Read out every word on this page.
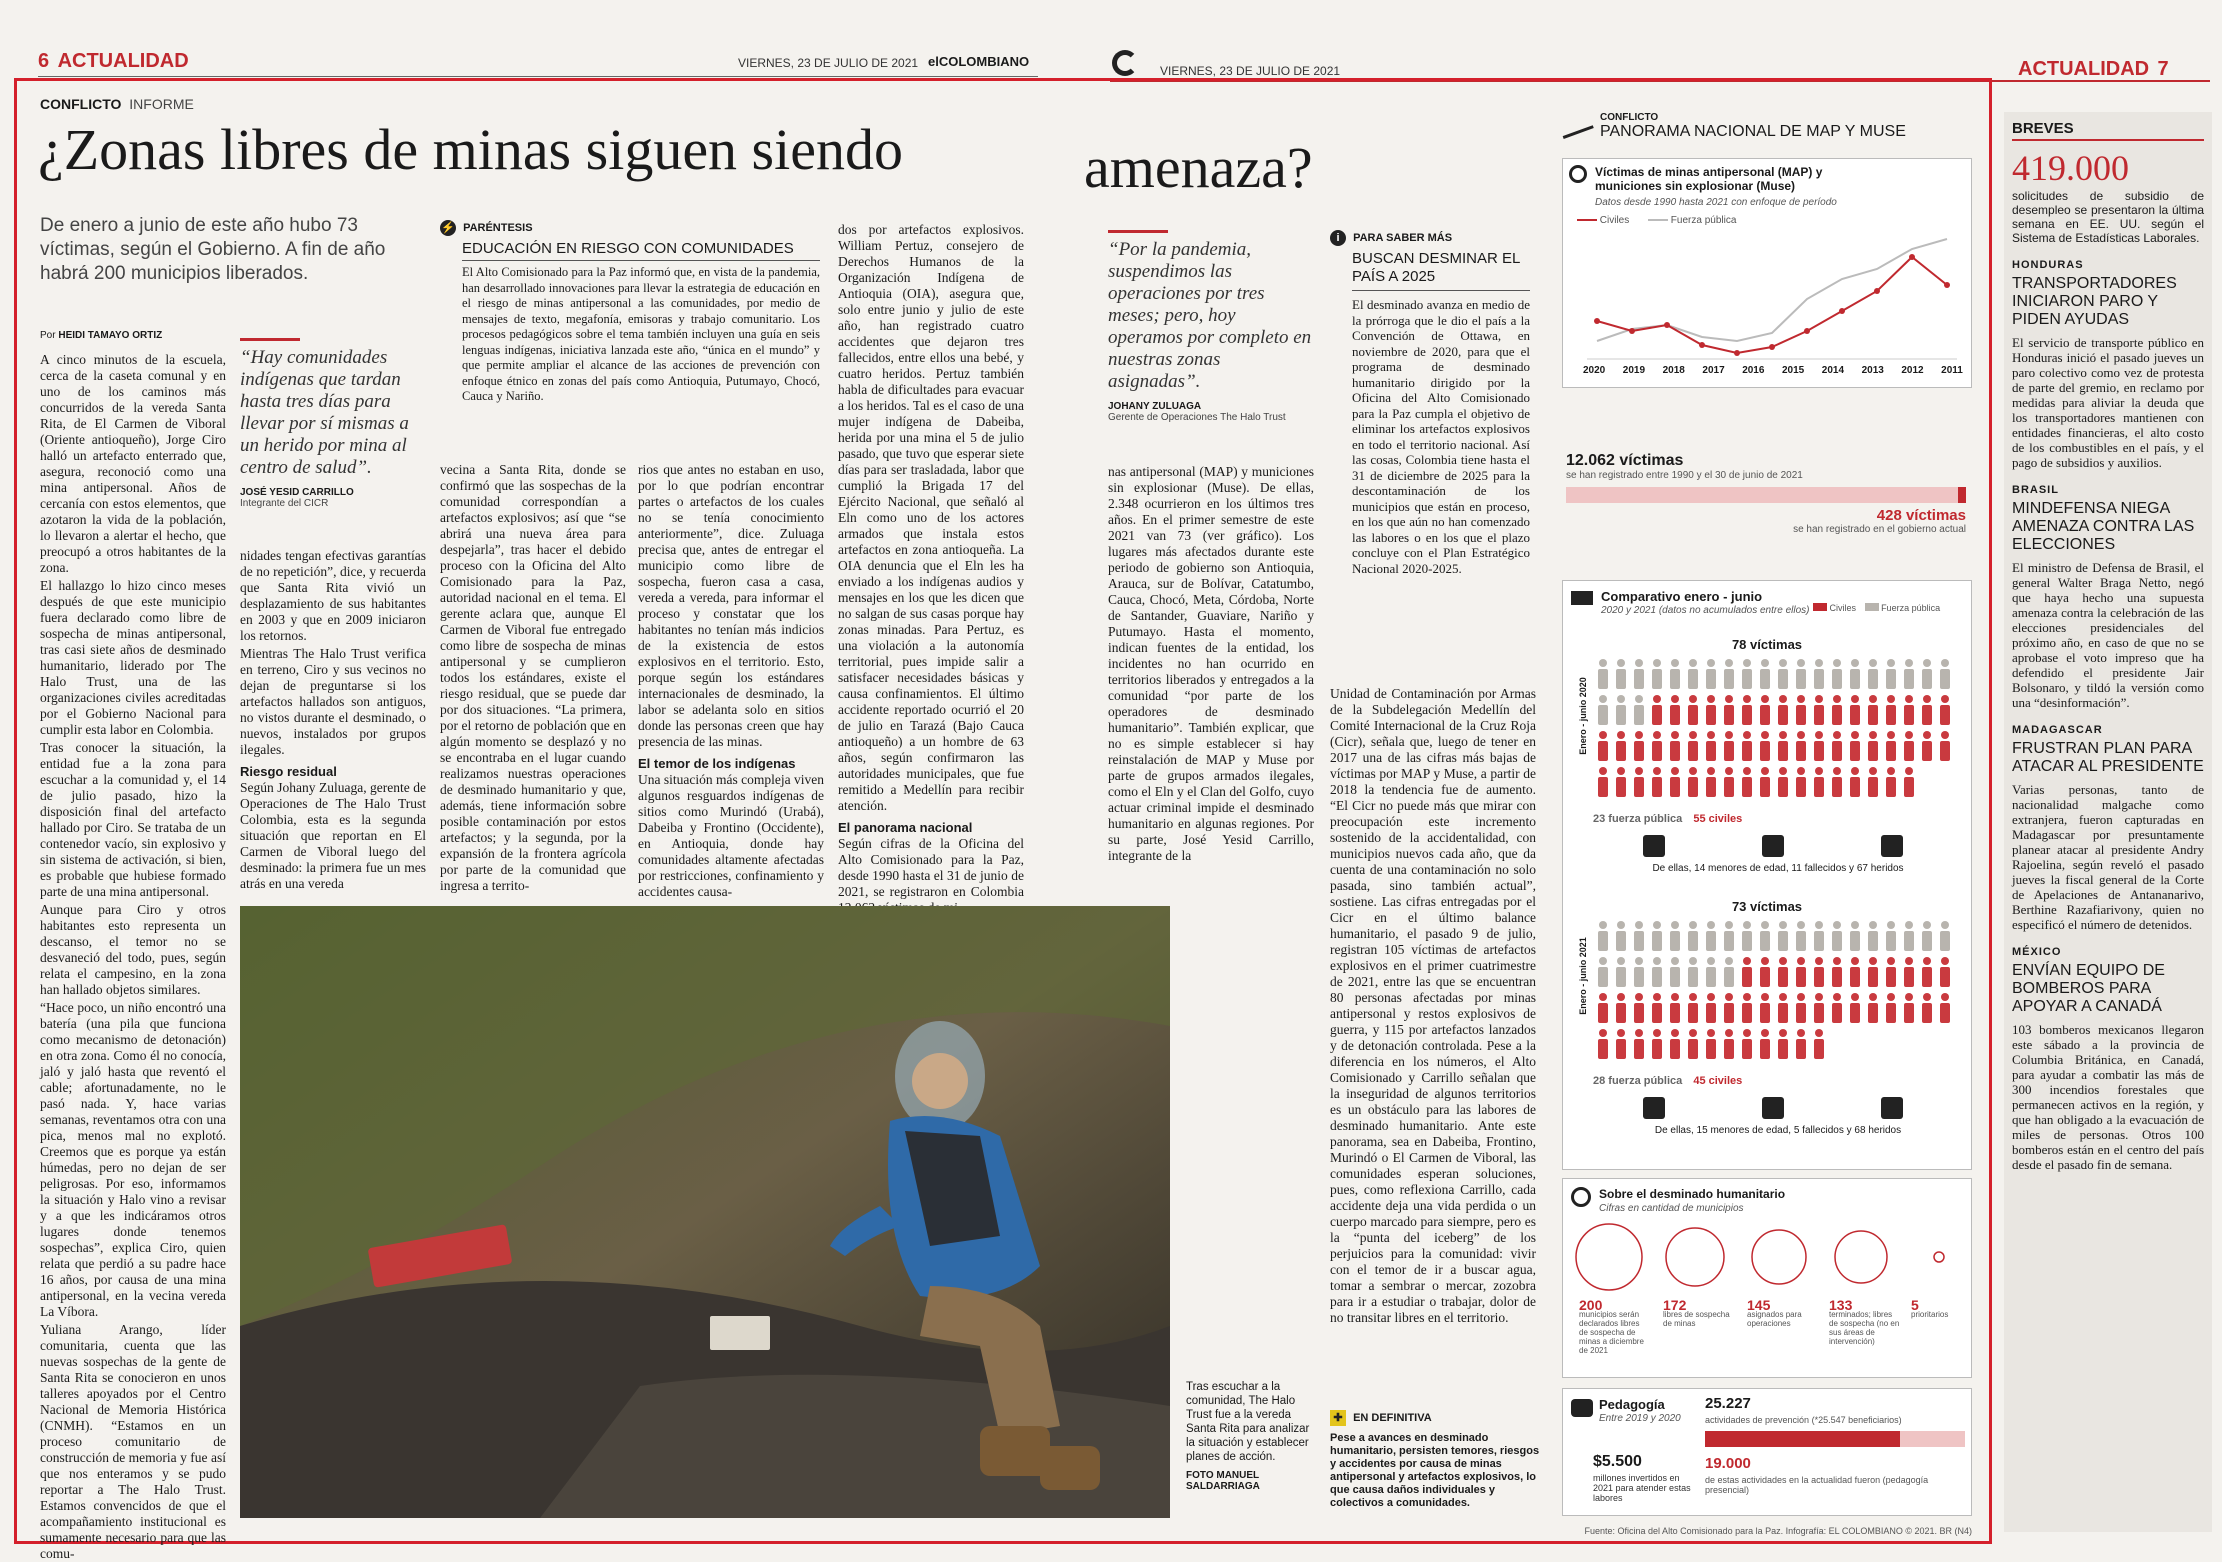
6 ACTUALIDAD	VIERNES, 23 DE JULIO DE 2021 elCOLOMBIANO
VIERNES, 23 DE JULIO DE 2021	ACTUALIDAD 7
CONFLICTO INFORME
¿Zonas libres de minas siguen siendo	amenaza?
De enero a junio de este año hubo 73 víctimas, según el Gobierno. A fin de año habrá 200 municipios liberados.
Por HEIDI TAMAYO ORTIZ

A cinco minutos de la escuela, cerca de la caseta comunal y en uno de los caminos más concurridos de la vereda Santa Rita, de El Carmen de Viboral (Oriente antioqueño), Jorge Ciro halló un artefacto enterrado que, asegura, reconoció como una mina antipersonal. Años de cercanía con estos elementos, que azotaron la vida de la población, lo llevaron a alertar el hecho, que preocupó a otros habitantes de la zona.

El hallazgo lo hizo cinco meses después de que este municipio fuera declarado como libre de sospecha de minas antipersonal, tras casi siete años de desminado humanitario, liderado por The Halo Trust, una de las organizaciones civiles acreditadas por el Gobierno Nacional para cumplir esta labor en Colombia.

Tras conocer la situación, la entidad fue a la zona para escuchar a la comunidad y, el 14 de julio pasado, hizo la disposición final del artefacto hallado por Ciro. Se trataba de un contenedor vacío, sin explosivo y sin sistema de activación, si bien, es probable que hubiese formado parte de una mina antipersonal.

Aunque para Ciro y otros habitantes esto representa un descanso, el temor no se desvaneció del todo, pues, según relata el campesino, en la zona han hallado objetos similares.

“Hace poco, un niño encontró una batería (una pila que funciona como mecanismo de detonación) en otra zona. Como él no conocía, jaló y jaló hasta que reventó el cable; afortunadamente, no le pasó nada. Y, hace varias semanas, reventamos otra con una pica, menos mal no explotó. Creemos que es porque ya están húmedas, pero no dejan de ser peligrosas. Por eso, informamos la situación y Halo vino a revisar y a que les indicáramos otros lugares donde tenemos sospechas”, explica Ciro, quien relata que perdió a su padre hace 16 años, por causa de una mina antipersonal, en la vecina vereda La Víbora.

Yuliana Arango, líder comunitaria, cuenta que las nuevas sospechas de la gente de Santa Rita se conocieron en unos talleres apoyados por el Centro Nacional de Memoria Histórica (CNMH). “Estamos en un proceso comunitario de construcción de memoria y fue así que nos enteramos y se pudo reportar a The Halo Trust. Estamos convencidos de que el acompañamiento institucional es sumamente necesario para que las comu-

“Hay comunidades indígenas que tardan hasta tres días para llevar por sí mismas a un herido por mina al centro de salud”.
JOSÉ YESID CARRILLO
Integrante del CICR

nidades tengan efectivas garantías de no repetición”, dice, y recuerda que Santa Rita vivió un desplazamiento de sus habitantes en 2003 y que en 2009 iniciaron los retornos.

Mientras The Halo Trust verifica en terreno, Ciro y sus vecinos no dejan de preguntarse si los artefactos hallados son antiguos, no vistos durante el desminado, o nuevos, instalados por grupos ilegales.

Riesgo residual

Según Johany Zuluaga, gerente de Operaciones de The Halo Trust Colombia, esta es la segunda situación que reportan en El Carmen de Viboral luego del desminado: la primera fue un mes atrás en una vereda

⚡ PARÉNTESIS
EDUCACIÓN EN RIESGO CON COMUNIDADES
El Alto Comisionado para la Paz informó que, en vista de la pandemia, han desarrollado innovaciones para llevar la estrategia de educación en el riesgo de minas antipersonal a las comunidades, por medio de mensajes de texto, megafonía, emisoras y trabajo comunitario. Los procesos pedagógicos sobre el tema también incluyen una guía en seis lenguas indígenas, iniciativa lanzada este año, “única en el mundo” y que permite ampliar el alcance de las acciones de prevención con enfoque étnico en zonas del país como Antioquia, Putumayo, Chocó, Cauca y Nariño.
vecina a Santa Rita, donde se confirmó que las sospechas de la comunidad correspondían a artefactos explosivos; así que “se abrirá una nueva área para despejarla”, tras hacer el debido proceso con la Oficina del Alto Comisionado para la Paz, autoridad nacional en el tema. El gerente aclara que, aunque El Carmen de Viboral fue entregado como libre de sospecha de minas antipersonal y se cumplieron todos los estándares, existe el riesgo residual, que se puede dar por dos situaciones. “La primera, por el retorno de población que en algún momento se desplazó y no se encontraba en el lugar cuando realizamos nuestras operaciones de desminado humanitario y que, además, tiene información sobre posible contaminación por estos artefactos; y la segunda, por la expansión de la frontera agrícola por parte de la comunidad que ingresa a territo-

rios que antes no estaban en uso, por lo que podrían encontrar partes o artefactos de los cuales no se tenía conocimiento anteriormente”, dice. Zuluaga precisa que, antes de entregar el municipio como libre de sospecha, fueron casa a casa, vereda a vereda, para informar el proceso y constatar que los habitantes no tenían más indicios de la existencia de estos explosivos en el territorio. Esto, porque según los estándares internacionales de desminado, la labor se adelanta solo en sitios donde las personas creen que hay presencia de las minas.

El temor de los indígenas

Una situación más compleja viven algunos resguardos indígenas de sitios como Murindó (Urabá), Dabeiba y Frontino (Occidente), en Antioquia, donde hay comunidades altamente afectadas por restricciones, confinamiento y accidentes causa-

dos por artefactos explosivos. William Pertuz, consejero de Derechos Humanos de la Organización Indígena de Antioquia (OIA), asegura que, solo entre junio y julio de este año, han registrado cuatro accidentes que dejaron tres fallecidos, entre ellos una bebé, y cuatro heridos. Pertuz también habla de dificultades para evacuar a los heridos. Tal es el caso de una mujer indígena de Dabeiba, herida por una mina el 5 de julio pasado, que tuvo que esperar siete días para ser trasladada, labor que cumplió la Brigada 17 del Ejército Nacional, que señaló al Eln como uno de los actores armados que instala estos artefactos en zona antioqueña. La OIA denuncia que el Eln les ha enviado a los indígenas audios y mensajes en los que les dicen que no salgan de sus casas porque hay zonas minadas. Para Pertuz, es una violación a la autonomía territorial, pues impide salir a satisfacer necesidades básicas y causa confinamientos. El último accidente reportado ocurrió el 20 de julio en Tarazá (Bajo Cauca antioqueño) a un hombre de 63 años, según confirmaron las autoridades municipales, que fue remitido a Medellín para recibir atención.

El panorama nacional

Según cifras de la Oficina del Alto Comisionado para la Paz, desde 1990 hasta el 31 de junio de 2021, se registraron en Colombia

“Por la pandemia, suspendimos las operaciones por tres meses; pero, hoy operamos por completo en nuestras zonas asignadas”.
JOHANY ZULUAGA
Gerente de Operaciones The Halo Trust
nas antipersonal (MAP) y municiones sin explosionar (Muse). De ellas, 2.348 ocurrieron en los últimos tres años. En el primer semestre de este 2021 van 73 (ver gráfico). Los lugares más afectados durante este periodo de gobierno son Antioquia, Arauca, sur de Bolívar, Catatumbo, Cauca, Chocó, Meta, Córdoba, Norte de Santander, Guaviare, Nariño y Putumayo. Hasta el momento, indican fuentes de la entidad, los incidentes no han ocurrido en territorios liberados y entregados a la comunidad “por parte de los operadores de desminado humanitario”. También explicar, que no es simple establecer si hay reinstalación de MAP y Muse por parte de grupos armados ilegales, como el Eln y el Clan del Golfo, cuyo actuar criminal impide el desminado humanitario en algunas regiones. Por su parte, José Yesid Carrillo, integrante de la
i PARA SABER MÁS
BUSCAN DESMINAR EL PAÍS A 2025
El desminado avanza en medio de la prórroga que le dio el país a la Convención de Ottawa, en noviembre de 2020, para que el programa de desminado humanitario dirigido por la Oficina del Alto Comisionado para la Paz cumpla el objetivo de eliminar los artefactos explosivos en todo el territorio nacional. Así las cosas, Colombia tiene hasta el 31 de diciembre de 2025 para la descontaminación de los municipios que están en proceso, en los que aún no han comenzado las labores o en los que el plazo concluye con el Plan Estratégico Nacional 2020-2025.
Unidad de Contaminación por Armas de la Subdelegación Medellín del Comité Internacional de la Cruz Roja (Cicr), señala que, luego de tener en 2017 una de las cifras más bajas de víctimas por MAP y Muse, a partir de 2018 la tendencia fue de aumento. “El Cicr no puede más que mirar con preocupación este incremento sostenido de la accidentalidad, con municipios nuevos cada año, que da cuenta de una contaminación no solo pasada, sino también actual”, sostiene. Las cifras entregadas por el Cicr en el último balance humanitario, el pasado 9 de julio, registran 105 víctimas de artefactos explosivos en el primer cuatrimestre de 2021, entre las que se encuentran 80 personas afectadas por minas antipersonal y restos explosivos de guerra, y 115 por artefactos lanzados y de detonación controlada. Pese a la diferencia en los números, el Alto Comisionado y Carrillo señalan que la inseguridad de algunos territorios es un obstáculo para las labores de desminado humanitario. Ante este panorama, sea en Dabeiba, Frontino, Murindó o El Carmen de Viboral, las comunidades esperan soluciones, pues, como reflexiona Carrillo, cada accidente deja una vida perdida o un cuerpo marcado para siempre, pero es la “punta del iceberg” de los perjuicios para la comunidad: vivir con el temor de ir a buscar agua, tomar a sembrar o mercar, zozobra para ir a estudiar o trabajar, dolor de no transitar libres en el territorio.
Tras escuchar a la comunidad, The Halo Trust fue a la vereda Santa Rita para analizar la situación y establecer planes de acción.
FOTO MANUEL SALDARRIAGA
✚ EN DEFINITIVA
Pese a avances en desminado humanitario, persisten temores, riesgos y accidentes por causa de minas antipersonal y artefactos explosivos, lo que causa daños individuales y colectivos a comunidades.
CONFLICTO
PANORAMA NACIONAL DE MAP Y MUSE
Víctimas de minas antipersonal (MAP) y municiones sin explosionar (Muse)
Datos desde 1990 hasta 2021 con enfoque de período
Civiles	Fuerza pública
2020 2019 2018 2017 2016 2015 2014 2013 2012 2011
12.062 víctimas
se han registrado entre 1990 y el 30 de junio de 2021
428 víctimas
se han registrado en el gobierno actual
Comparativo enero - junio
2020 y 2021 (datos no acumulados entre ellos)	Civiles	Fuerza pública
78 víctimas
Enero - junio 2020
23 fuerza pública 55 civiles
De ellas, 14 menores de edad, 11 fallecidos y 67 heridos
73 víctimas
Enero - junio 2021
28 fuerza pública 45 civiles
De ellas, 15 menores de edad, 5 fallecidos y 68 heridos
Sobre el desminado humanitario
Cifras en cantidad de municipios
200
municipios serán declarados libres de sospecha de minas a diciembre de 2021
172
libres de sospecha de minas
145
asignados para operaciones
133
terminados; libres de sospecha (no en sus áreas de intervención)
5
prioritarios
Pedagogía
Entre 2019 y 2020
25.227
actividades de prevención (*25.547 beneficiarios)
$5.500
millones invertidos en 2021 para atender estas labores
19.000
de estas actividades en la actualidad fueron (pedagogía presencial)
Fuente: Oficina del Alto Comisionado para la Paz. Infografía: EL COLOMBIANO © 2021. BR (N4)
BREVES
419.000
solicitudes de subsidio de desempleo se presentaron la última semana en EE. UU. según el Sistema de Estadísticas Laborales.
HONDURAS
TRANSPORTADORES INICIARON PARO Y PIDEN AYUDAS
El servicio de transporte público en Honduras inició el pasado jueves un paro colectivo como vez de protesta de parte del gremio, en reclamo por medidas para aliviar la deuda que los transportadores mantienen con entidades financieras, el alto costo de los combustibles en el país, y el pago de subsidios y auxilios.
BRASIL
MINDEFENSA NIEGA AMENAZA CONTRA LAS ELECCIONES
El ministro de Defensa de Brasil, el general Walter Braga Netto, negó que haya hecho una supuesta amenaza contra la celebración de las elecciones presidenciales del próximo año, en caso de que no se aprobase el voto impreso que ha defendido el presidente Jair Bolsonaro, y tildó la versión como una “desinformación”.
MADAGASCAR
FRUSTRAN PLAN PARA ATACAR AL PRESIDENTE
Varias personas, tanto de nacionalidad malgache como extranjera, fueron capturadas en Madagascar por presuntamente planear atacar al presidente Andry Rajoelina, según reveló el pasado jueves la fiscal general de la Corte de Apelaciones de Antananarivo, Berthine Razafiarivony, quien no especificó el número de detenidos.
MÉXICO
ENVÍAN EQUIPO DE BOMBEROS PARA APOYAR A CANADÁ
103 bomberos mexicanos llegaron este sábado a la provincia de Columbia Británica, en Canadá, para ayudar a combatir las más de 300 incendios forestales que permanecen activos en la región, y que han obligado a la evacuación de miles de personas. Otros 100 bomberos están en el centro del país desde el pasado fin de semana.
